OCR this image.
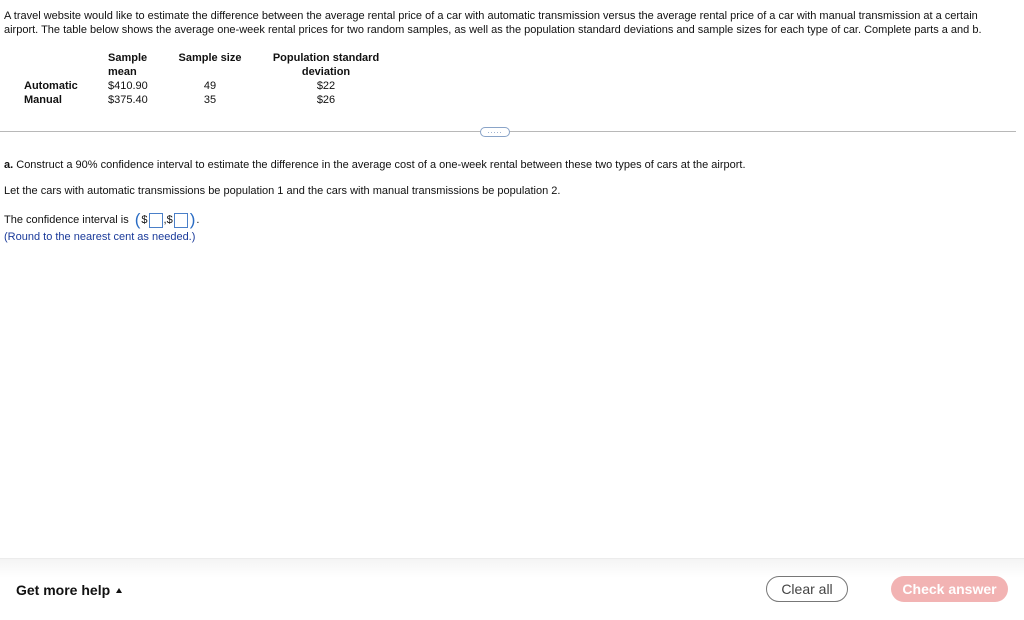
A travel website would like to estimate the difference between the average rental price of a car with automatic transmission versus the average rental price of a car with manual transmission at a certain airport. The table below shows the average one-week rental prices for two random samples, as well as the population standard deviations and sample sizes for each type of car. Complete parts a and b.

	Sample mean	Sample size	Population standard
deviation
Automatic	$410.90	49	$22
Manual	$375.40	35	$26
.....

a. Construct a 90% confidence interval to estimate the difference in the average cost of a one-week rental between these two types of cars at the airport.

Let the cars with automatic transmissions be population 1 and the cars with manual transmissions be population 2.

The confidence interval is ( $ , $ ) .

(Round to the nearest cent as needed.)

Get more help	Clear all	Check answer
